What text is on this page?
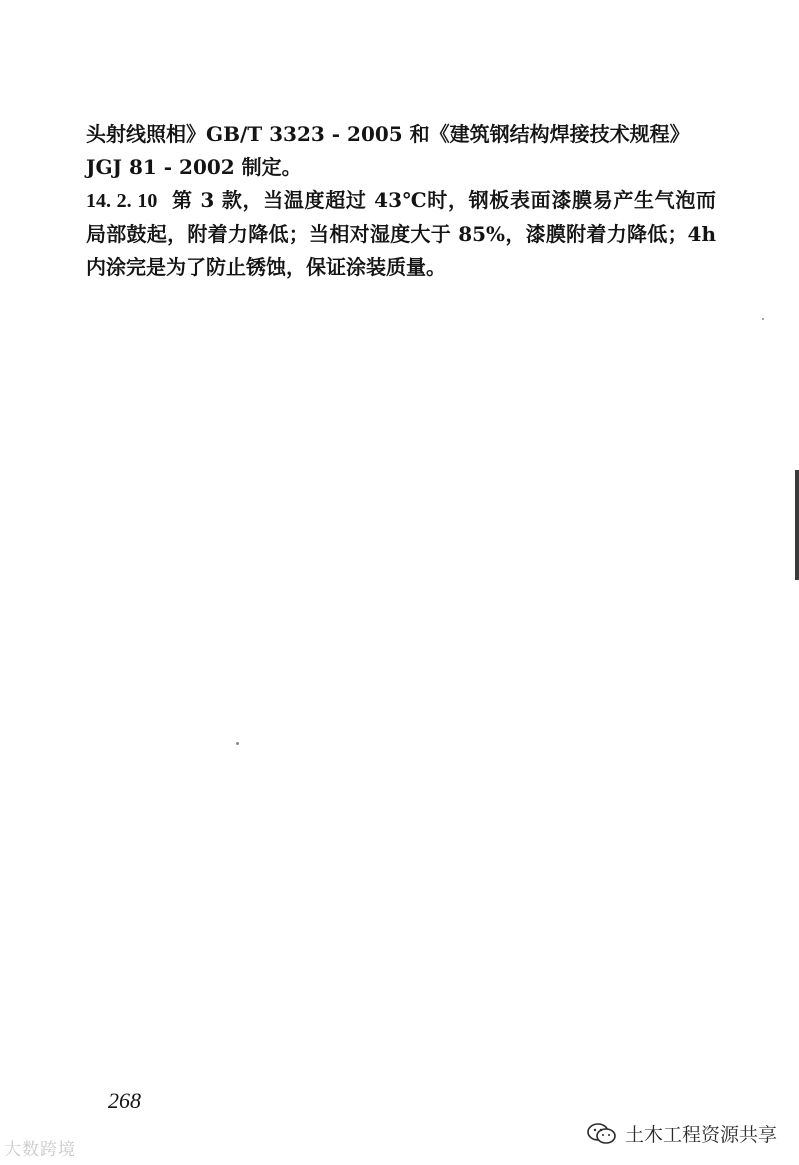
头射线照相》GB/T 3323 - 2005 和《建筑钢结构焊接技术规程》
JGJ 81 - 2002 制定。

14. 2. 10 第 3 款，当温度超过 43℃时，钢板表面漆膜易产生气泡而局部鼓起，附着力降低；当相对湿度大于 85%，漆膜附着力降低；4h 内涂完是为了防止锈蚀，保证涂装质量。

268
大数跨境
土木工程资源共享
